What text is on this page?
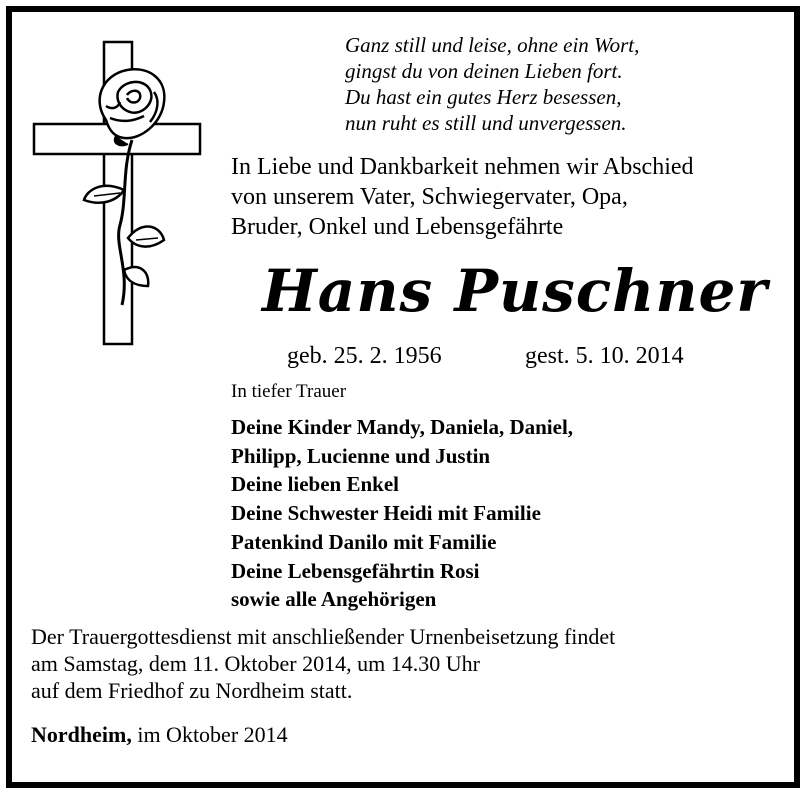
Ganz still und leise, ohne ein Wort,
gingst du von deinen Lieben fort.
Du hast ein gutes Herz besessen,
nun ruht es still und unvergessen.
In Liebe und Dankbarkeit nehmen wir Abschied
von unserem Vater, Schwiegervater, Opa,
Bruder, Onkel und Lebensgefährte
Hans Puschner
geb. 25. 2. 1956	gest. 5. 10. 2014
In tiefer Trauer
Deine Kinder Mandy, Daniela, Daniel,
Philipp, Lucienne und Justin
Deine lieben Enkel
Deine Schwester Heidi mit Familie
Patenkind Danilo mit Familie
Deine Lebensgefährtin Rosi
sowie alle Angehörigen
Der Trauergottesdienst mit anschließender Urnenbeisetzung findet
am Samstag, dem 11. Oktober 2014, um 14.30 Uhr
auf dem Friedhof zu Nordheim statt.
Nordheim, im Oktober 2014
